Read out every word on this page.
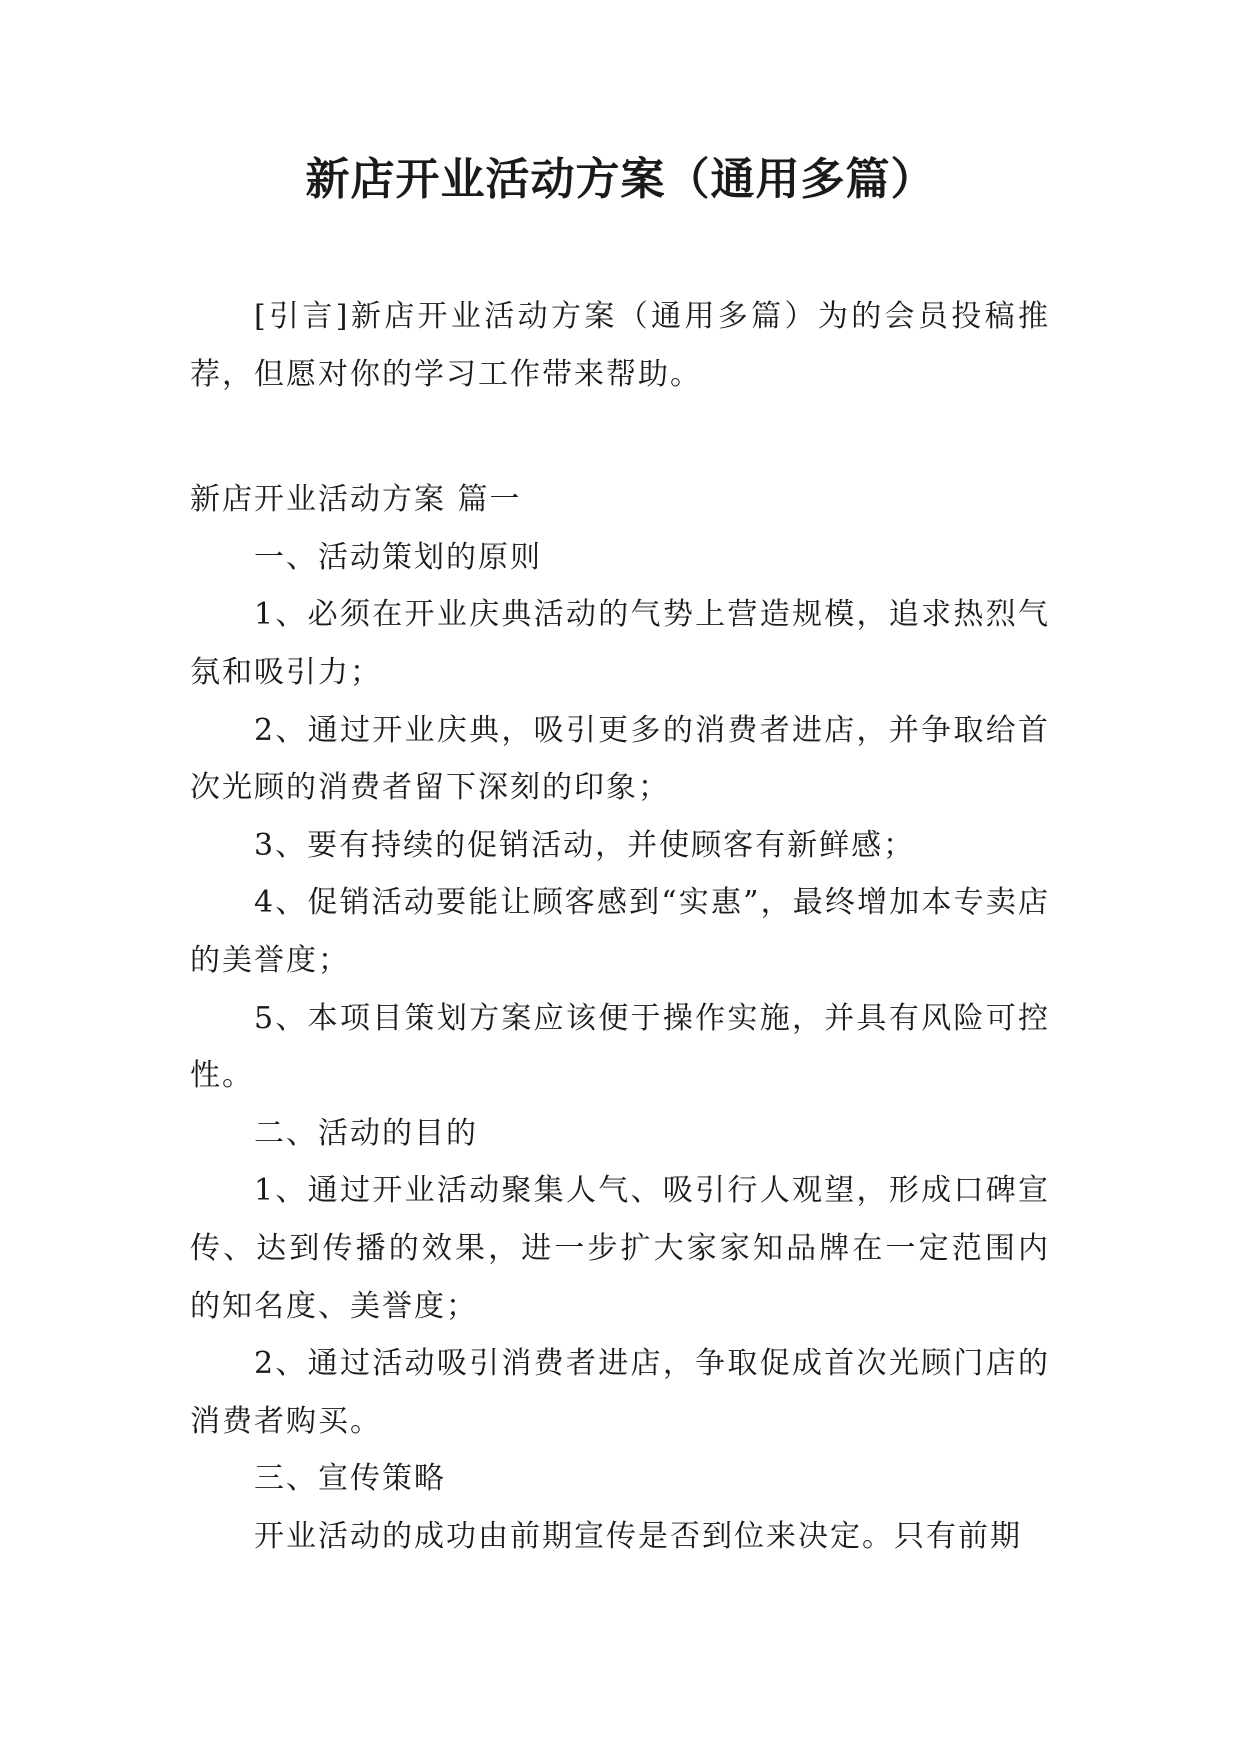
新店开业活动方案（通用多篇）

[引言]新店开业活动方案（通用多篇）为的会员投稿推荐，但愿对你的学习工作带来帮助。

新店开业活动方案 篇一

一、活动策划的原则

1、必须在开业庆典活动的气势上营造规模，追求热烈气氛和吸引力；

2、通过开业庆典，吸引更多的消费者进店，并争取给首次光顾的消费者留下深刻的印象；

3、要有持续的促销活动，并使顾客有新鲜感；

4、促销活动要能让顾客感到“实惠”，最终增加本专卖店的美誉度；

5、本项目策划方案应该便于操作实施，并具有风险可控性。

二、活动的目的

1、通过开业活动聚集人气、吸引行人观望，形成口碑宣传、达到传播的效果，进一步扩大家家知品牌在一定范围内的知名度、美誉度；

2、通过活动吸引消费者进店，争取促成首次光顾门店的消费者购买。

三、宣传策略

开业活动的成功由前期宣传是否到位来决定。只有前期
